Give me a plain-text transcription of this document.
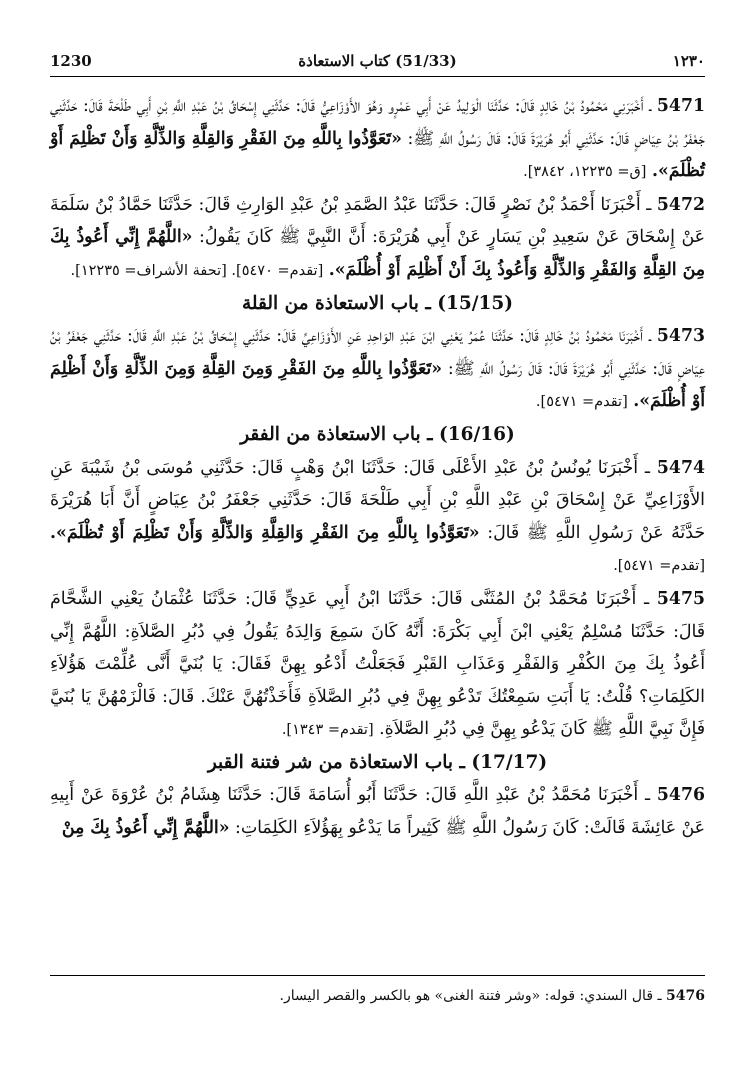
1230	(51/33) كتاب الاستعاذة	١٢٣٠

5471 ـ أَخْبَرَنِي مَحْمُودُ بْنُ خَالِدٍ قَالَ: حَدَّثَنَا الْوَلِيدُ عَنْ أَبِي عَمْرٍو وَهُوَ الأَوْزَاعِيُّ قَالَ: حَدَّثَنِي إِسْحَاقُ بْنُ عَبْدِ اللَّهِ بْنِ أَبِي طَلْحَةَ قَالَ: حَدَّثَنِي جَعْفَرُ بْنُ عِيَاضٍ قَالَ: حَدَّثَنِي أَبُو هُرَيْرَةَ قَالَ: قَالَ رَسُولُ اللَّهِ ﷺ: «تَعَوَّذُوا بِاللَّهِ مِنَ الفَقْرِ وَالقِلَّةِ وَالذِّلَّةِ وَأَنْ تَظْلِمَ أَوْ تُظْلَمَ». [ق= ١٢٢٣٥، ٣٨٤٢].

5472 ـ أَخْبَرَنَا أَحْمَدُ بْنُ نَصْرٍ قَالَ: حَدَّثَنَا عَبْدُ الصَّمَدِ بْنُ عَبْدِ الوَارِثِ قَالَ: حَدَّثَنَا حَمَّادُ بْنُ سَلَمَةَ عَنْ إِسْحَاقَ عَنْ سَعِيدِ بْنِ يَسَارٍ عَنْ أَبِي هُرَيْرَةَ: أَنَّ النَّبِيَّ ﷺ كَانَ يَقُولُ: «اللَّهُمَّ إِنِّي أَعُوذُ بِكَ مِنَ القِلَّةِ وَالفَقْرِ وَالذِّلَّةِ وَأَعُوذُ بِكَ أَنْ أَظْلِمَ أَوْ أُظْلَمَ». [تقدم= ٥٤٧٠]. [تحفة الأشراف= ١٢٢٣٥].

(15/15) ـ باب الاستعاذة من القلة

5473 ـ أَخْبَرَنَا مَحْمُودُ بْنُ خَالِدٍ قَالَ: حَدَّثَنَا عُمَرُ يَعْنِي ابْنَ عَبْدِ الوَاحِدِ عَنِ الأَوْزَاعِيِّ قَالَ: حَدَّثَنِي إِسْحَاقُ بْنُ عَبْدِ اللَّهِ قَالَ: حَدَّثَنِي جَعْفَرُ بْنُ عِيَاضٍ قَالَ: حَدَّثَنِي أَبُو هُرَيْرَةَ قَالَ: قَالَ رَسُولُ اللَّهِ ﷺ: «تَعَوَّذُوا بِاللَّهِ مِنَ الفَقْرِ وَمِنَ القِلَّةِ وَمِنَ الذِّلَّةِ وَأَنْ أَظْلِمَ أَوْ أُظْلَمَ». [تقدم= ٥٤٧١].

(16/16) ـ باب الاستعاذة من الفقر

5474 ـ أَخْبَرَنَا يُونُسُ بْنُ عَبْدِ الأَعْلَى قَالَ: حَدَّثَنَا ابْنُ وَهْبٍ قَالَ: حَدَّثَنِي مُوسَى بْنُ شَيْبَةَ عَنِ الأَوْزَاعِيِّ عَنْ إِسْحَاقَ بْنِ عَبْدِ اللَّهِ بْنِ أَبِي طَلْحَةَ قَالَ: حَدَّثَنِي جَعْفَرُ بْنُ عِيَاضٍ أَنَّ أَبَا هُرَيْرَةَ حَدَّثَهُ عَنْ رَسُولِ اللَّهِ ﷺ قَالَ: «تَعَوَّذُوا بِاللَّهِ مِنَ الفَقْرِ وَالقِلَّةِ وَالذِّلَّةِ وَأَنْ تَظْلِمَ أَوْ تُظْلَمَ». [تقدم= ٥٤٧١].

5475 ـ أَخْبَرَنَا مُحَمَّدُ بْنُ المُثَنَّى قَالَ: حَدَّثَنَا ابْنُ أَبِي عَدِيٍّ قَالَ: حَدَّثَنَا عُثْمَانُ يَعْنِي الشَّحَّامَ قَالَ: حَدَّثَنَا مُسْلِمٌ يَعْنِي ابْنَ أَبِي بَكْرَةَ: أَنَّهُ كَانَ سَمِعَ وَالِدَهُ يَقُولُ فِي دُبُرِ الصَّلاَةِ: اللَّهُمَّ إِنِّي أَعُوذُ بِكَ مِنَ الكُفْرِ وَالفَقْرِ وَعَذَابِ القَبْرِ فَجَعَلْتُ أَدْعُو بِهِنَّ فَقَالَ: يَا بُنَيَّ أَنَّى عُلِّمْتَ هَؤُلاَءِ الكَلِمَاتِ؟ قُلْتُ: يَا أَبَتِ سَمِعْتُكَ تَدْعُو بِهِنَّ فِي دُبُرِ الصَّلاَةِ فَأَخَذْتُهُنَّ عَنْكَ. قَالَ: فَالْزَمْهُنَّ يَا بُنَيَّ فَإِنَّ نَبِيَّ اللَّهِ ﷺ كَانَ يَدْعُو بِهِنَّ فِي دُبُرِ الصَّلاَةِ. [تقدم= ١٣٤٣].

(17/17) ـ باب الاستعاذة من شر فتنة القبر

5476 ـ أَخْبَرَنَا مُحَمَّدُ بْنُ عَبْدِ اللَّهِ قَالَ: حَدَّثَنَا أَبُو أُسَامَةَ قَالَ: حَدَّثَنَا هِشَامُ بْنُ عُرْوَةَ عَنْ أَبِيهِ عَنْ عَائِشَةَ قَالَتْ: كَانَ رَسُولُ اللَّهِ ﷺ كَثِيراً مَا يَدْعُو بِهَؤُلاَءِ الكَلِمَاتِ: «اللَّهُمَّ إِنِّي أَعُوذُ بِكَ مِنْ

5476 ـ قال السندي: قوله: «وشر فتنة الغنى» هو بالكسر والقصر اليسار.
